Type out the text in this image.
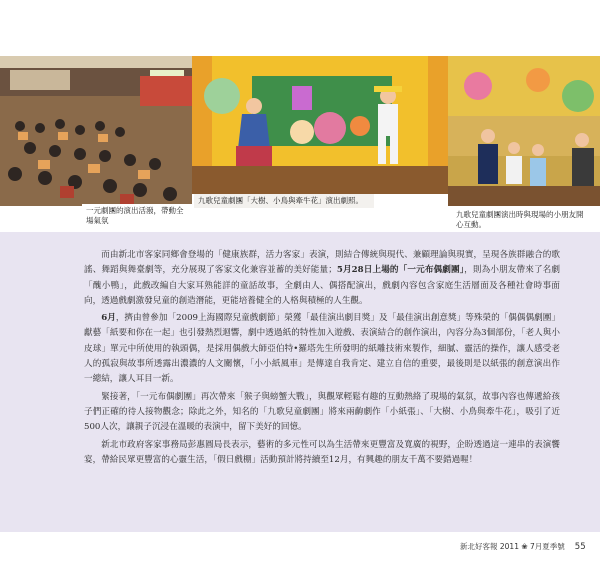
一元劇團的演出活潑，帶動全場氣氛
九歌兒童劇團「大樹、小鳥與牽牛花」演出劇照。
九歌兒童劇團演出時與現場的小朋友開心互動。

而由新北市客家同鄉會登場的「健康族群，活力客家」表演，則結合傳統與現代、兼顧理論與現實，呈現各族群融合的歌謠、舞蹈與舞臺劇等，充分展現了客家文化兼容並蓄的美好能量；5月28日上場的「一元布偶劇團」，則為小朋友帶來了名劇「醜小鴨」，此戲改編自大家耳熟能詳的童話故事，全劇由人、偶搭配演出，戲劇內容包含家庭生活層面及各種社會時事面向，透過戲劇激發兒童的創造潛能，更能培養健全的人格與積極的人生觀。

6月，擠由曾參加「2009上海國際兒童戲劇節」榮獲「最佳演出劇目獎」及「最佳演出創意獎」等殊榮的「偶偶偶劇團」獻藝「紙要和你在一起」也引發熱烈迴響，劇中透過紙的特性加入遊戲、表演結合的創作演出，內容分為3個部份，「老人與小皮球」單元中所使用的執頭偶，是採用偶戲大師亞伯特•羅塔先生所發明的紙雕技術來製作，細膩、靈活的操作，讓人感受老人的孤寂與故事所透露出濃濃的人文關懷，「小小紙風車」是傳達自我肯定、建立自信的重要，最後則是以紙張的創意演出作一總結，讓人耳目一新。

緊接著，「一元布偶劇團」再次帶來「猴子與螃蟹大戰」，與觀眾輕鬆有趣的互動熱絡了現場的氣氛，故事內容也傳遞給孩子們正確的待人接物觀念；除此之外，知名的「九歌兒童劇團」將來兩齣劇作「小紙張」、「大樹、小鳥與牽牛花」，吸引了近500人次，讓親子沉浸在溫暖的表演中，留下美好的回憶。

新北市政府客家事務局彭惠圓局長表示，藝術的多元性可以為生活帶來更豐富及寬廣的視野，企盼透過這一連串的表演饗宴，帶給民眾更豐富的心靈生活，「假日戲棚」活動預計將持續至12月，有興趣的朋友千萬不要錯過喔！

新北好客報 2011 ❀ 7月夏季號 55
